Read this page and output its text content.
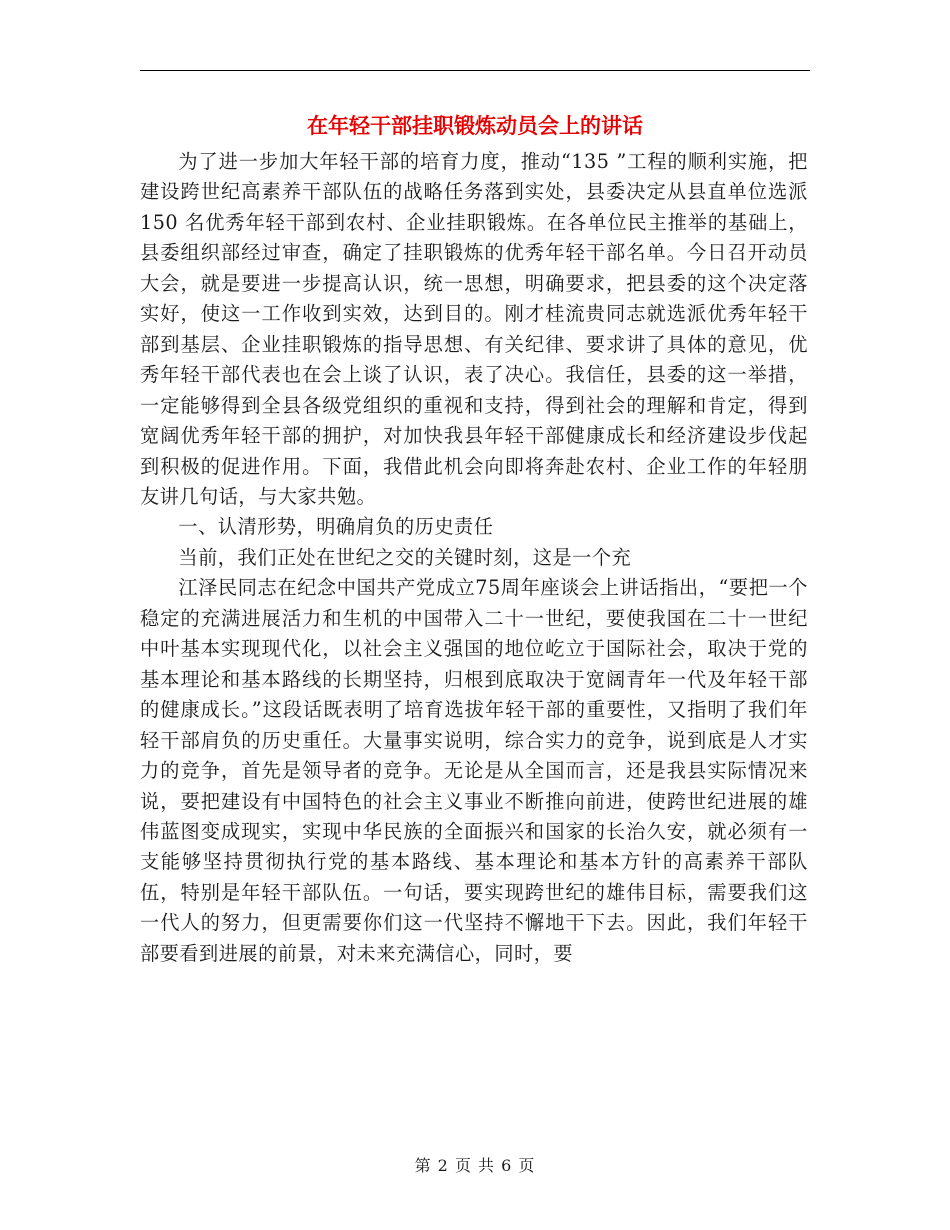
在年轻干部挂职锻炼动员会上的讲话

为了进一步加大年轻干部的培育力度，推动“135 ”工程的顺利实施，把建设跨世纪高素养干部队伍的战略任务落到实处，县委决定从县直单位选派150 名优秀年轻干部到农村、企业挂职锻炼。在各单位民主推举的基础上，县委组织部经过审查，确定了挂职锻炼的优秀年轻干部名单。今日召开动员大会，就是要进一步提高认识，统一思想，明确要求，把县委的这个决定落实好，使这一工作收到实效，达到目的。刚才桂流贵同志就选派优秀年轻干部到基层、企业挂职锻炼的指导思想、有关纪律、要求讲了具体的意见，优秀年轻干部代表也在会上谈了认识，表了决心。我信任，县委的这一举措，一定能够得到全县各级党组织的重视和支持，得到社会的理解和肯定，得到宽阔优秀年轻干部的拥护，对加快我县年轻干部健康成长和经济建设步伐起到积极的促进作用。下面，我借此机会向即将奔赴农村、企业工作的年轻朋友讲几句话，与大家共勉。

一、认清形势，明确肩负的历史责任

当前，我们正处在世纪之交的关键时刻，这是一个充

江泽民同志在纪念中国共产党成立75周年座谈会上讲话指出，“要把一个稳定的充满进展活力和生机的中国带入二十一世纪，要使我国在二十一世纪中叶基本实现现代化，以社会主义强国的地位屹立于国际社会，取决于党的基本理论和基本路线的长期坚持，归根到底取决于宽阔青年一代及年轻干部的健康成长。”这段话既表明了培育选拔年轻干部的重要性，又指明了我们年轻干部肩负的历史重任。大量事实说明，综合实力的竞争，说到底是人才实力的竞争，首先是领导者的竞争。无论是从全国而言，还是我县实际情况来说，要把建设有中国特色的社会主义事业不断推向前进，使跨世纪进展的雄伟蓝图变成现实，实现中华民族的全面振兴和国家的长治久安，就必须有一支能够坚持贯彻执行党的基本路线、基本理论和基本方针的高素养干部队伍，特别是年轻干部队伍。一句话，要实现跨世纪的雄伟目标，需要我们这一代人的努力，但更需要你们这一代坚持不懈地干下去。因此，我们年轻干部要看到进展的前景，对未来充满信心，同时，要

第 2 页 共 6 页
